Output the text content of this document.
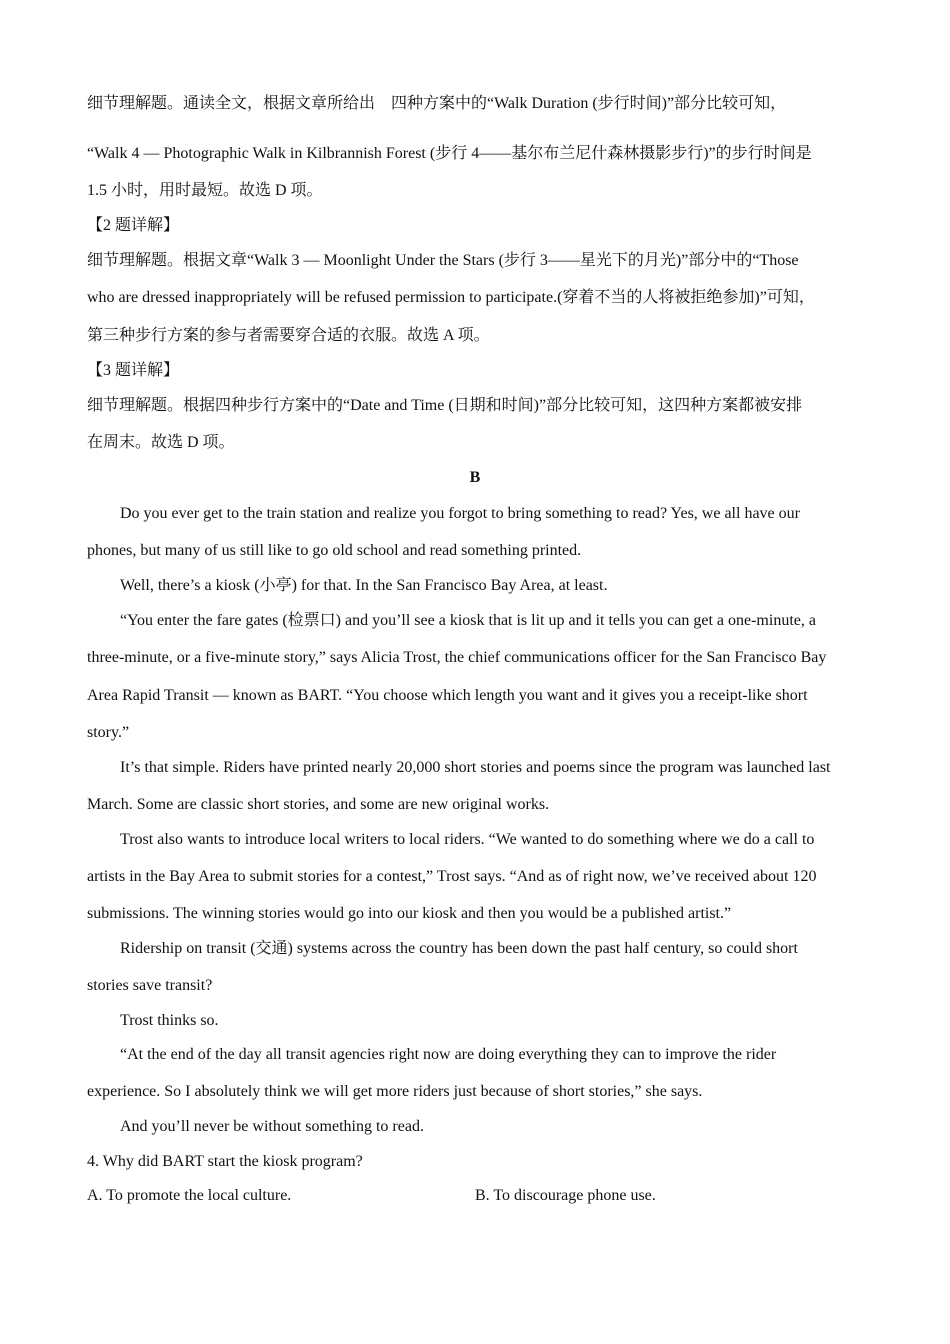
细节理解题。通读全文，根据文章所给出　四种方案中的“Walk Duration (步行时间)”部分比较可知，
“Walk 4 — Photographic Walk in Kilbrannish Forest (步行 4——基尔布兰尼什森林摄影步行)”的步行时间是
1.5 小时，用时最短。故选 D 项。
【2 题详解】
细节理解题。根据文章“Walk 3 — Moonlight Under the Stars (步行 3——星光下的月光)”部分中的“Those
who are dressed inappropriately will be refused permission to participate.(穿着不当的人将被拒绝参加)”可知，
第三种步行方案的参与者需要穿合适的衣服。故选 A 项。
【3 题详解】
细节理解题。根据四种步行方案中的“Date and Time (日期和时间)”部分比较可知，这四种方案都被安排
在周末。故选 D 项。
B
Do you ever get to the train station and realize you forgot to bring something to read? Yes, we all have our
phones, but many of us still like to go old school and read something printed.
Well, there’s a kiosk (小亭) for that. In the San Francisco Bay Area, at least.
“You enter the fare gates (检票口) and you’ll see a kiosk that is lit up and it tells you can get a one-minute, a
three-minute, or a five-minute story,” says Alicia Trost, the chief communications officer for the San Francisco Bay
Area Rapid Transit — known as BART. “You choose which length you want and it gives you a receipt-like short
story.”
It’s that simple. Riders have printed nearly 20,000 short stories and poems since the program was launched last
March. Some are classic short stories, and some are new original works.
Trost also wants to introduce local writers to local riders. “We wanted to do something where we do a call to
artists in the Bay Area to submit stories for a contest,” Trost says. “And as of right now, we’ve received about 120
submissions. The winning stories would go into our kiosk and then you would be a published artist.”
Ridership on transit (交通) systems across the country has been down the past half century, so could short
stories save transit?
Trost thinks so.
“At the end of the day all transit agencies right now are doing everything they can to improve the rider
experience. So I absolutely think we will get more riders just because of short stories,” she says.
And you’ll never be without something to read.
4. Why did BART start the kiosk program?
A. To promote the local culture.	B. To discourage phone use.
